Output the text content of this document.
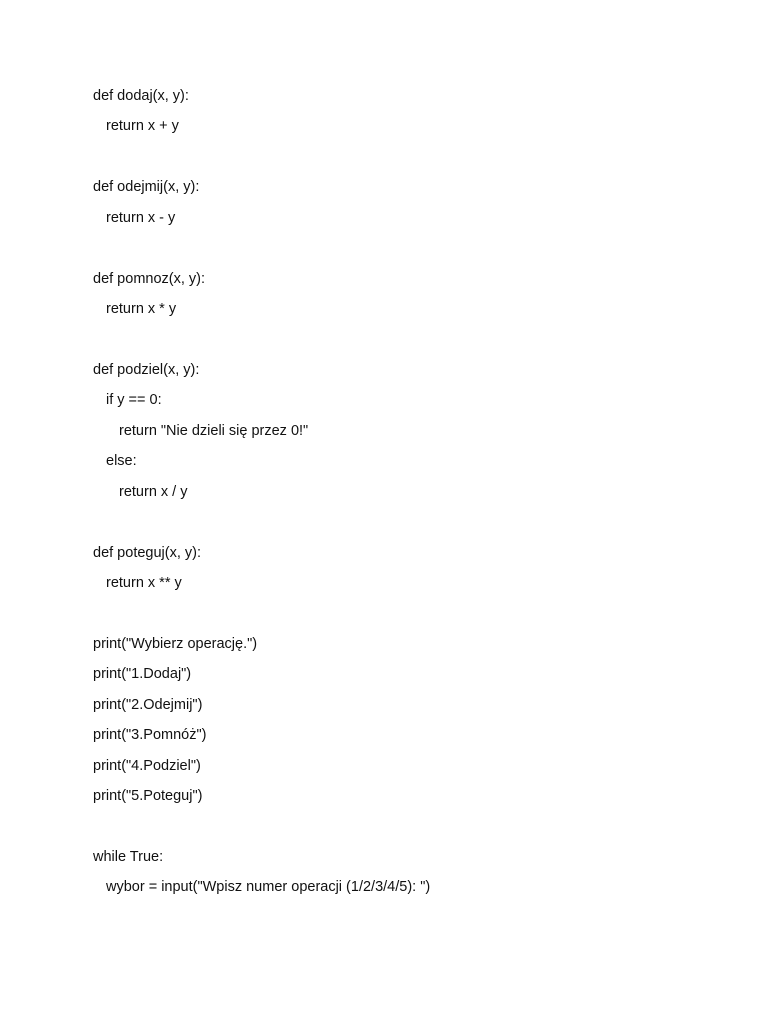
def dodaj(x, y):
return x + y
def odejmij(x, y):
return x - y
def pomnoz(x, y):
return x * y
def podziel(x, y):
if y == 0:
return "Nie dzieli się przez 0!"
else:
return x / y
def poteguj(x, y):
return x ** y
print("Wybierz operację.")
print("1.Dodaj")
print("2.Odejmij")
print("3.Pomnóż")
print("4.Podziel")
print("5.Poteguj")
while True:
wybor = input("Wpisz numer operacji (1/2/3/4/5): ")
